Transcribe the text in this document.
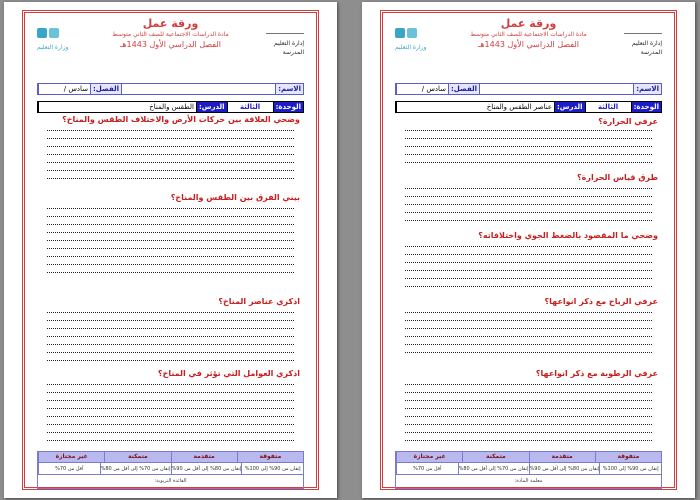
وزارة التعليم
ورقة عمل
مادة الدراسات الاجتماعية للصف الثاني متوسط
الفصل الدراسي الأول 1443هـ	إدارة التعليم
المدرسة
الاسم:
الفصل:
سادس /
الوحدة:
الثالثة
الدرس:
عناصر الطقس والمناخ
عرفي الحرارة؟
طرق قياس الحرارة؟
وضحي ما المقصود بالضغط الجوي واختلافاته؟
عرفي الرياح مع ذكر انواعها؟
عرفي الرطوبة مع ذكر انواعها؟
متفوقة
متقدمة
متمكنة
غير مجتازة
إتقان من 90% إلى 100%
إتقان من 80% إلى أقل من 90%
إتقان من 70% إلى أقل من 80%
أقل من 70%
معلمة المادة:
وزارة التعليم
ورقة عمل
مادة الدراسات الاجتماعية للصف الثاني متوسط
الفصل الدراسي الأول 1443هـ	إدارة التعليم
المدرسة
الاسم:
الفصل:
سادس /
الوحدة:
الثالثة
الدرس:
الطقس والمناخ
وضحي العلاقة بين حركات الأرض والاختلاف الطقس والمناخ؟
بيني الفرق بين الطقس والمناخ؟
اذكري عناصر المناخ؟
اذكري العوامل التي تؤثر في المناخ؟
متفوقة
متقدمة
متمكنة
غير مجتازة
إتقان من 90% إلى 100%
إتقان من 80% إلى أقل من 90%
إتقان من 70% إلى أقل من 80%
أقل من 70%
القائدة التربوية:
